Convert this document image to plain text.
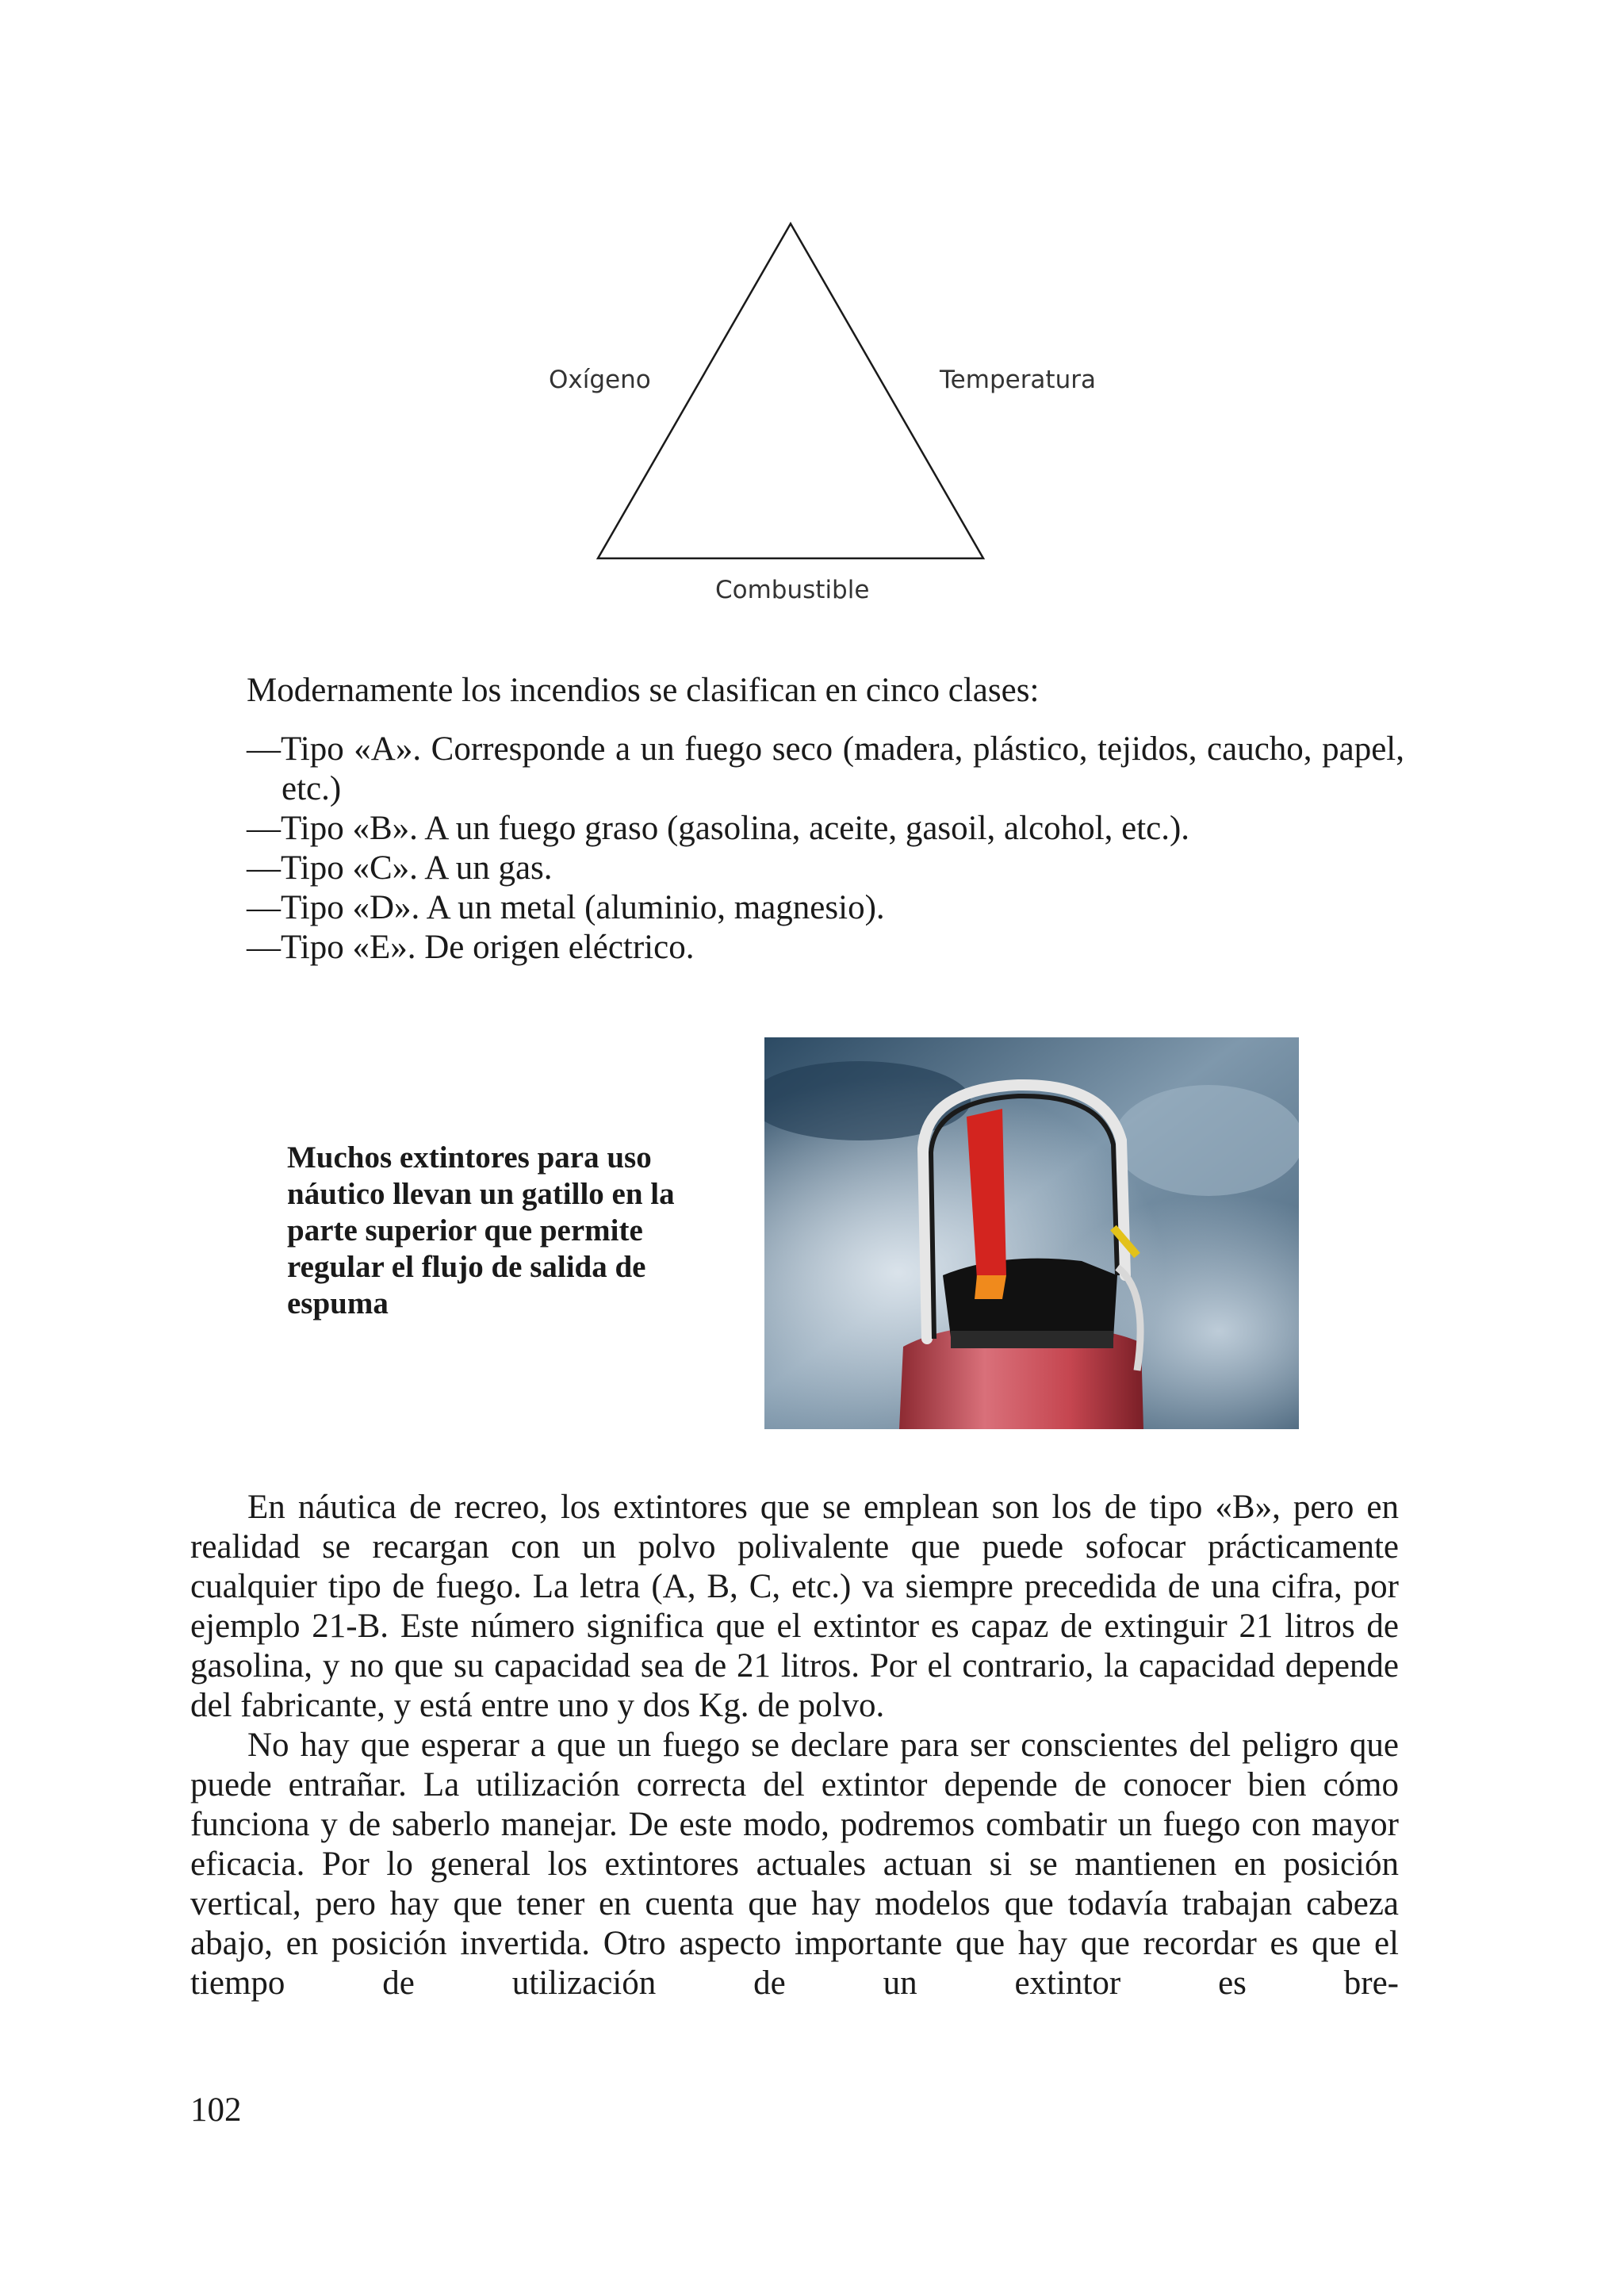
Oxígeno	Temperatura
Combustible

Modernamente los incendios se clasifican en cinco clases:

—Tipo «A». Corresponde a un fuego seco (madera, plástico, tejidos, caucho, papel, etc.)
—Tipo «B». A un fuego graso (gasolina, aceite, gasoil, alcohol, etc.).
—Tipo «C». A un gas.
—Tipo «D». A un metal (aluminio, magnesio).
—Tipo «E». De origen eléctrico.

Muchos extintores para uso náutico llevan un gatillo en la parte superior que permite regular el flujo de salida de espuma

En náutica de recreo, los extintores que se emplean son los de tipo «B», pero en realidad se recargan con un polvo polivalente que puede sofocar prácticamente cualquier tipo de fuego. La letra (A, B, C, etc.) va siempre precedida de una cifra, por ejemplo 21-B. Este número significa que el extintor es capaz de extinguir 21 litros de gasolina, y no que su capacidad sea de 21 litros. Por el contrario, la capacidad depende del fabricante, y está entre uno y dos Kg. de polvo.

No hay que esperar a que un fuego se declare para ser conscientes del peligro que puede entrañar. La utilización correcta del extintor depende de conocer bien cómo funciona y de saberlo manejar. De este modo, podremos combatir un fuego con mayor eficacia. Por lo general los extintores actuales actuan si se mantienen en posición vertical, pero hay que tener en cuenta que hay modelos que todavía trabajan cabeza abajo, en posición invertida. Otro aspecto importante que hay que recordar es que el tiempo de utilización de un extintor es bre-

102
